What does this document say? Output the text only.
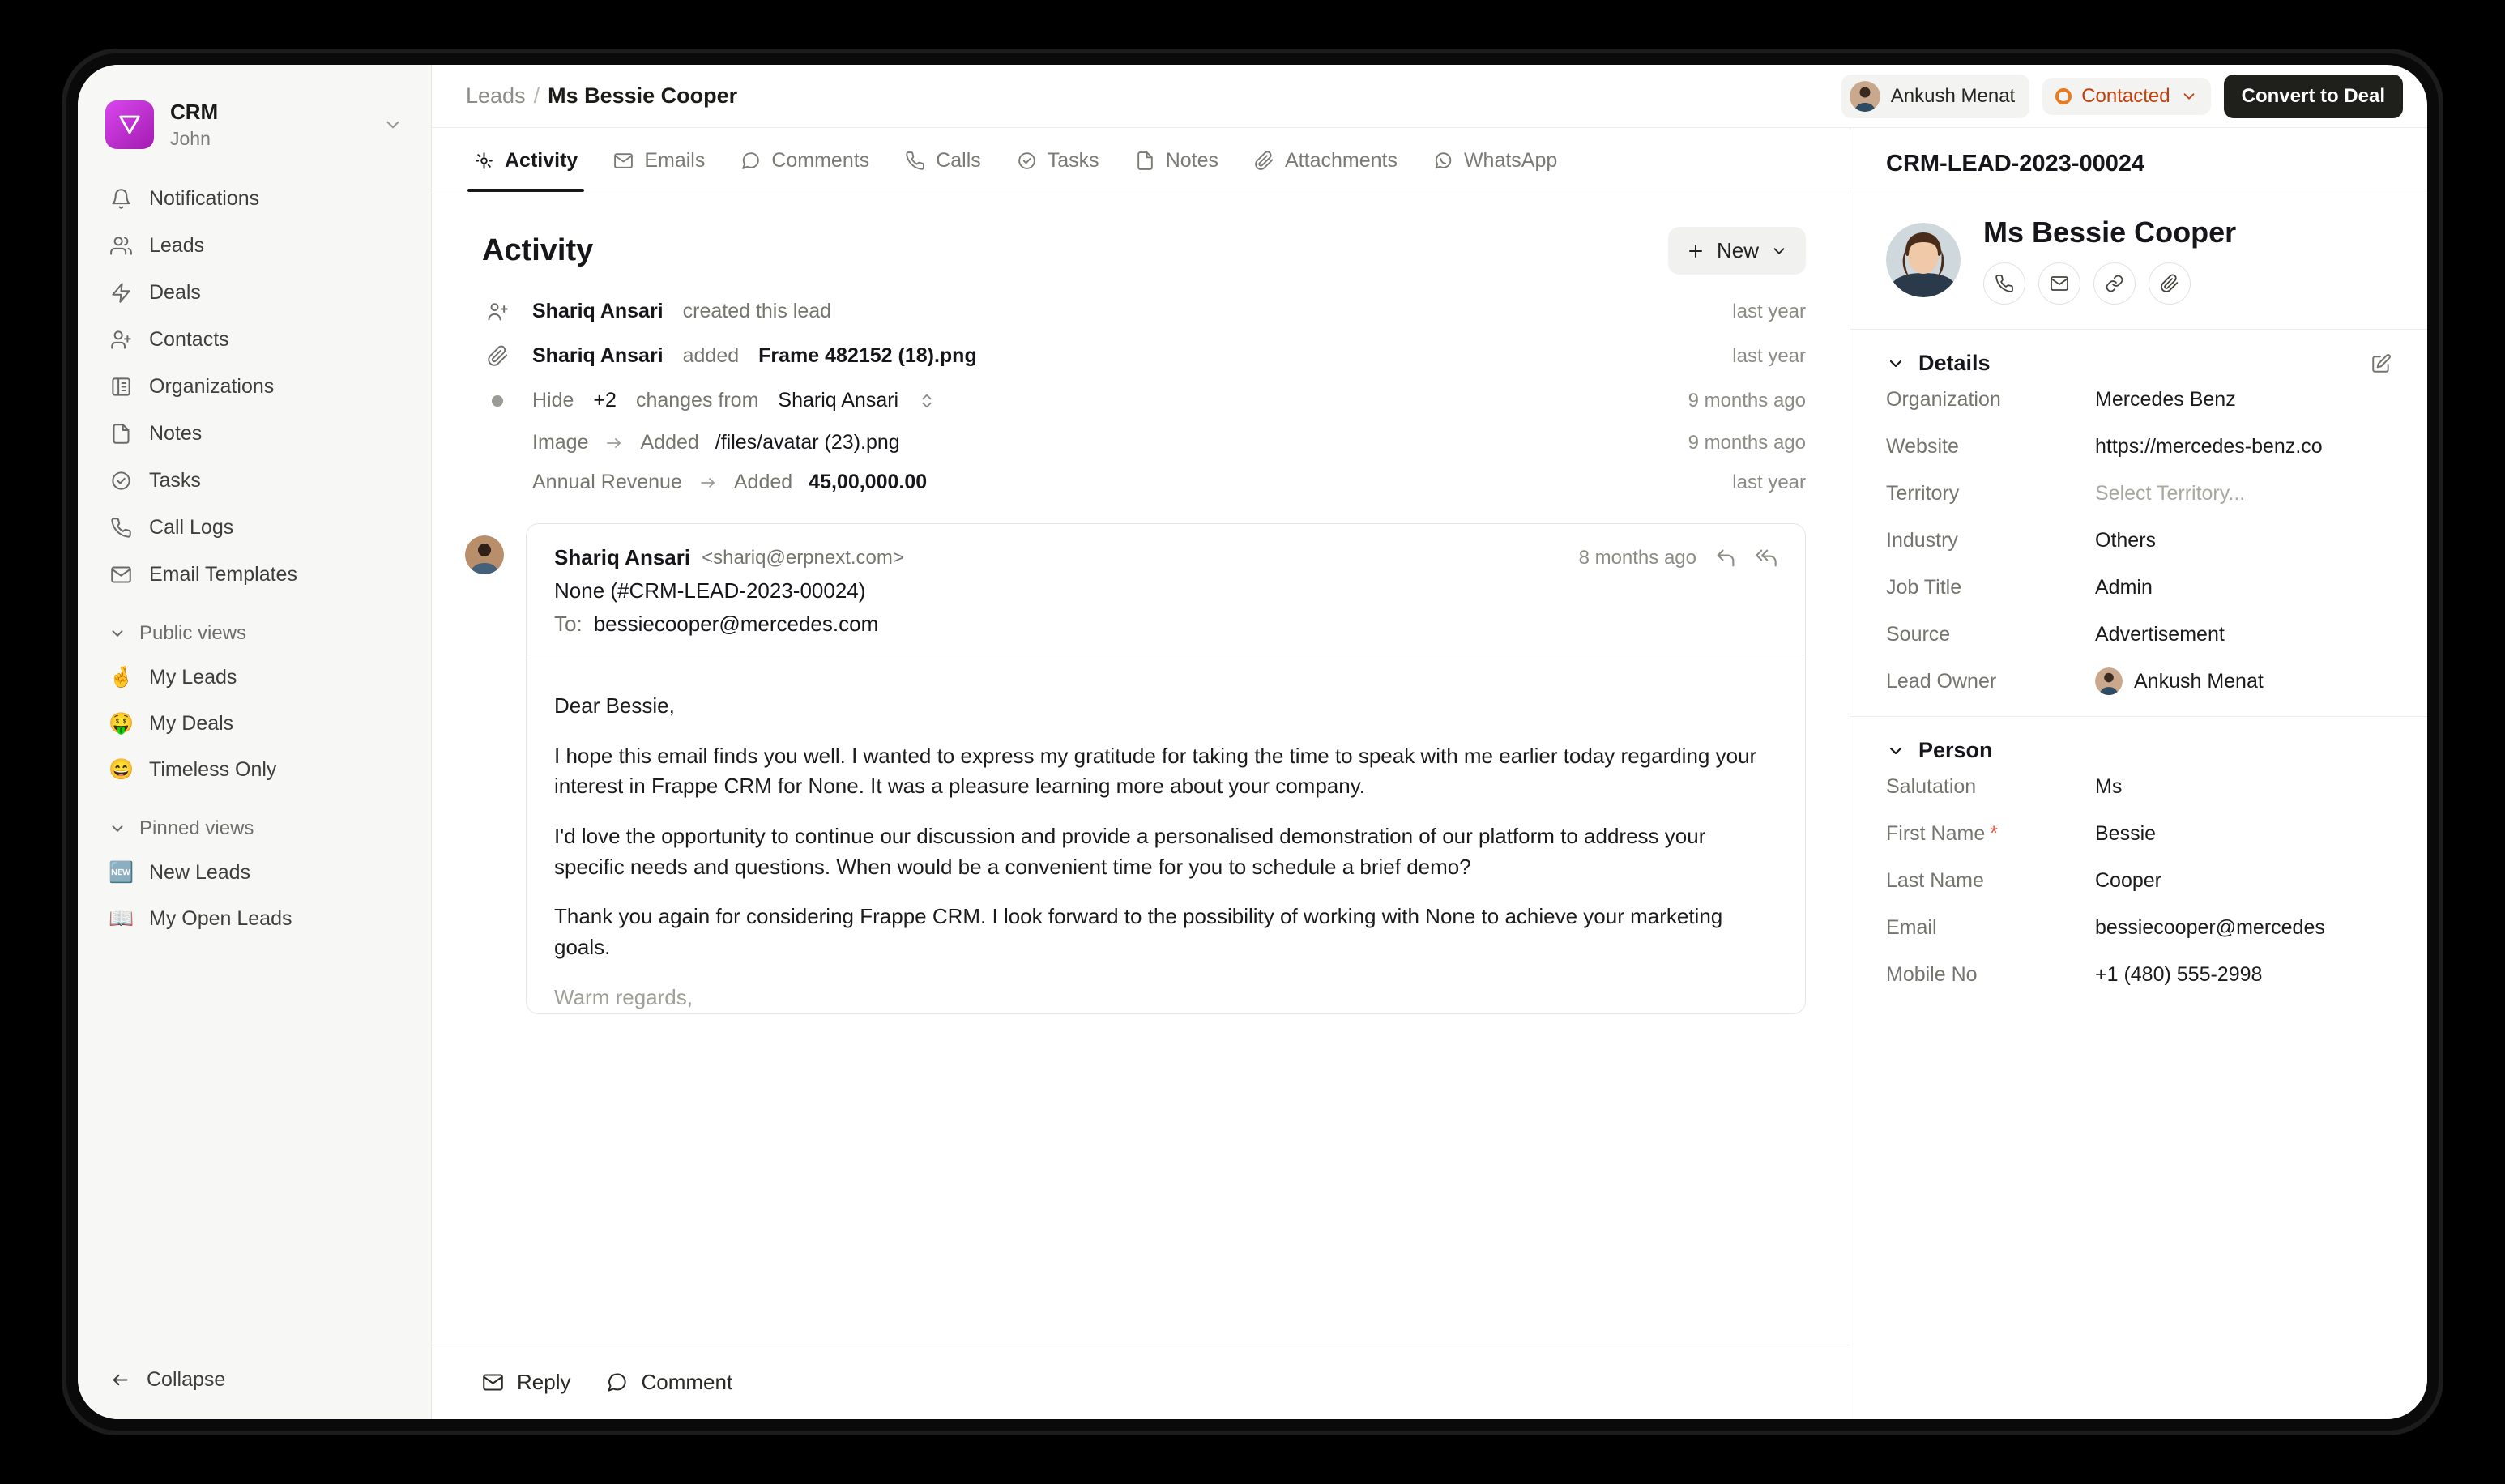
CRM
John
Notifications
Leads
Deals
Contacts
Organizations
Notes
Tasks
Call Logs
Email Templates
Public views
🤞 My Leads
🤑 My Deals
😄 Timeless Only
Pinned views
🆕 New Leads
📖 My Open Leads
Collapse
Leads / Ms Bessie Cooper	Ankush Menat	Contacted	Convert to Deal
Activity	Emails	Comments	Calls	Tasks	Notes	Attachments	WhatsApp
Activity	New
Shariq Ansari created this lead	last year
Shariq Ansari added Frame 482152 (18).png	last year
Hide +2 changes from Shariq Ansari	9 months ago
Image	Added /files/avatar (23).png	9 months ago
Annual Revenue	Added 45,00,000.00	last year
Shariq Ansari <shariq@erpnext.com>	8 months ago
None (#CRM-LEAD-2023-00024)
To: bessiecooper@mercedes.com

Dear Bessie,

I hope this email finds you well. I wanted to express my gratitude for taking the time to speak with me earlier today regarding your interest in Frappe CRM for None. It was a pleasure learning more about your company.

I'd love the opportunity to continue our discussion and provide a personalised demonstration of our platform to address your specific needs and questions. When would be a convenient time for you to schedule a brief demo?

Thank you again for considering Frappe CRM. I look forward to the possibility of working with None to achieve your marketing goals.

Warm regards,

Reply	Comment
CRM-LEAD-2023-00024
Ms Bessie Cooper
Details
Organization	Mercedes Benz
Website	https://mercedes-benz.co
Territory	Select Territory...
Industry	Others
Job Title	Admin
Source	Advertisement
Lead Owner	Ankush Menat
Person
Salutation	Ms
First Name *	Bessie
Last Name	Cooper
Email	bessiecooper@mercedes
Mobile No	+1 (480) 555-2998
